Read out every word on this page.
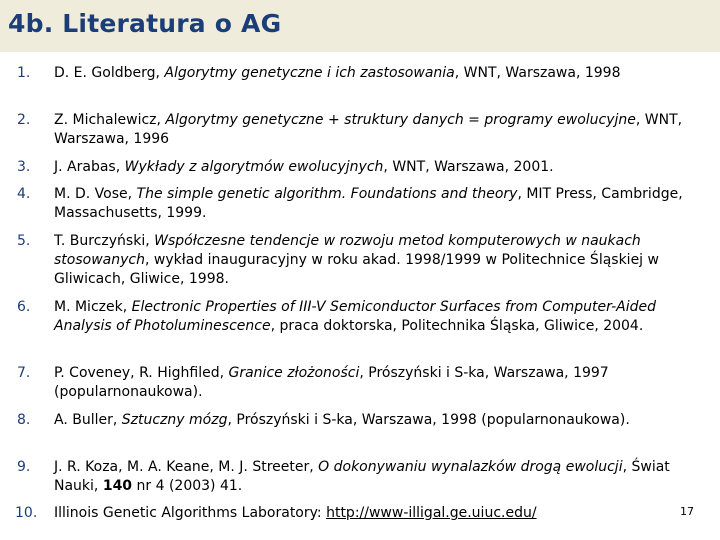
4b. Literatura o AG
1. D. E. Goldberg, Algorytmy genetyczne i ich zastosowania, WNT, Warszawa, 1998
2. Z. Michalewicz, Algorytmy genetyczne + struktury danych = programy ewolucyjne, WNT, Warszawa, 1996
3. J. Arabas, Wykłady z algorytmów ewolucyjnych, WNT, Warszawa, 2001.
4. M. D. Vose, The simple genetic algorithm. Foundations and theory, MIT Press, Cambridge, Massachusetts, 1999.
5. T. Burczyński, Współczesne tendencje w rozwoju metod komputerowych w naukach stosowanych, wykład inauguracyjny w roku akad. 1998/1999 w Politechnice Śląskiej w Gliwicach, Gliwice, 1998.
6. M. Miczek, Electronic Properties of III-V Semiconductor Surfaces from Computer-Aided Analysis of Photoluminescence, praca doktorska, Politechnika Śląska, Gliwice, 2004.
7. P. Coveney, R. Highfiled, Granice złożoności, Prószyński i S-ka, Warszawa, 1997 (popularnonaukowa).
8. A. Buller, Sztuczny mózg, Prószyński i S-ka, Warszawa, 1998 (popularnonaukowa).
9. J. R. Koza, M. A. Keane, M. J. Streeter, O dokonywaniu wynalazków drogą ewolucji, Świat Nauki, 140 nr 4 (2003) 41.
10. Illinois Genetic Algorithms Laboratory: http://www-illigal.ge.uiuc.edu/	17
